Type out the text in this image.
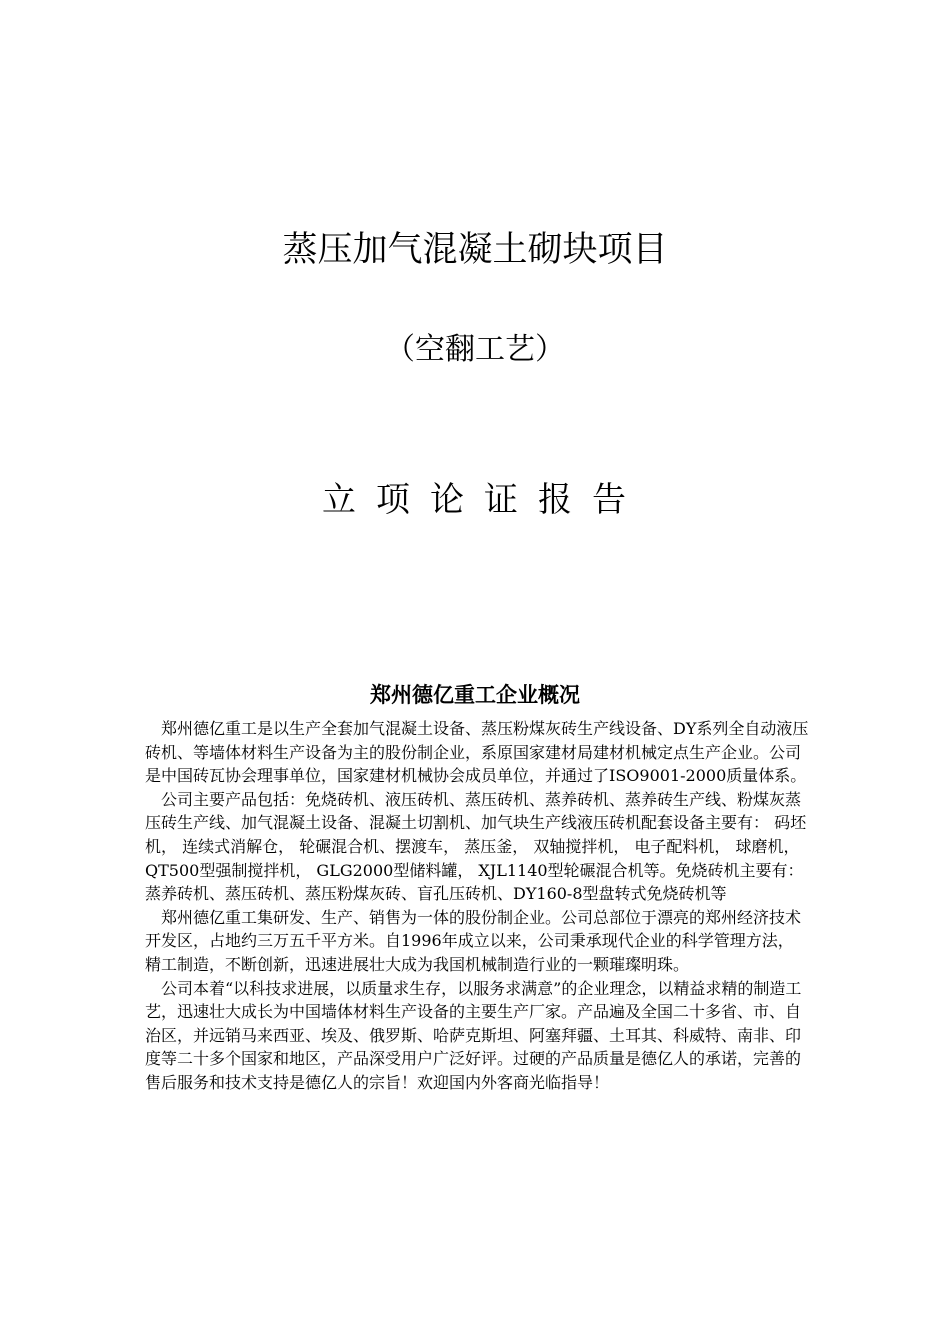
蒸压加气混凝土砌块项目
（空翻工艺）
立项论证报告
郑州德亿重工企业概况

郑州德亿重工是以生产全套加气混凝土设备、蒸压粉煤灰砖生产线设备、DY系列全自动液压砖机、等墙体材料生产设备为主的股份制企业，系原国家建材局建材机械定点生产企业。公司是中国砖瓦协会理事单位，国家建材机械协会成员单位，并通过了ISO9001-2000质量体系。

公司主要产品包括：免烧砖机、液压砖机、蒸压砖机、蒸养砖机、蒸养砖生产线、粉煤灰蒸压砖生产线、加气混凝土设备、混凝土切割机、加气块生产线液压砖机配套设备主要有： 码坯机， 连续式消解仓， 轮碾混合机、摆渡车， 蒸压釜， 双轴搅拌机， 电子配料机， 球磨机， QT500型强制搅拌机， GLG2000型储料罐， XJL1140型轮碾混合机等。免烧砖机主要有： 蒸养砖机、蒸压砖机、蒸压粉煤灰砖、盲孔压砖机、DY160-8型盘转式免烧砖机等

郑州德亿重工集研发、生产、销售为一体的股份制企业。公司总部位于漂亮的郑州经济技术开发区，占地约三万五千平方米。自1996年成立以来，公司秉承现代企业的科学管理方法，精工制造，不断创新，迅速进展壮大成为我国机械制造行业的一颗璀璨明珠。

公司本着“以科技求进展，以质量求生存，以服务求满意”的企业理念，以精益求精的制造工艺，迅速壮大成长为中国墙体材料生产设备的主要生产厂家。产品遍及全国二十多省、市、自治区，并远销马来西亚、埃及、俄罗斯、哈萨克斯坦、阿塞拜疆、土耳其、科威特、南非、印度等二十多个国家和地区，产品深受用户广泛好评。过硬的产品质量是德亿人的承诺，完善的售后服务和技术支持是德亿人的宗旨！欢迎国内外客商光临指导！
